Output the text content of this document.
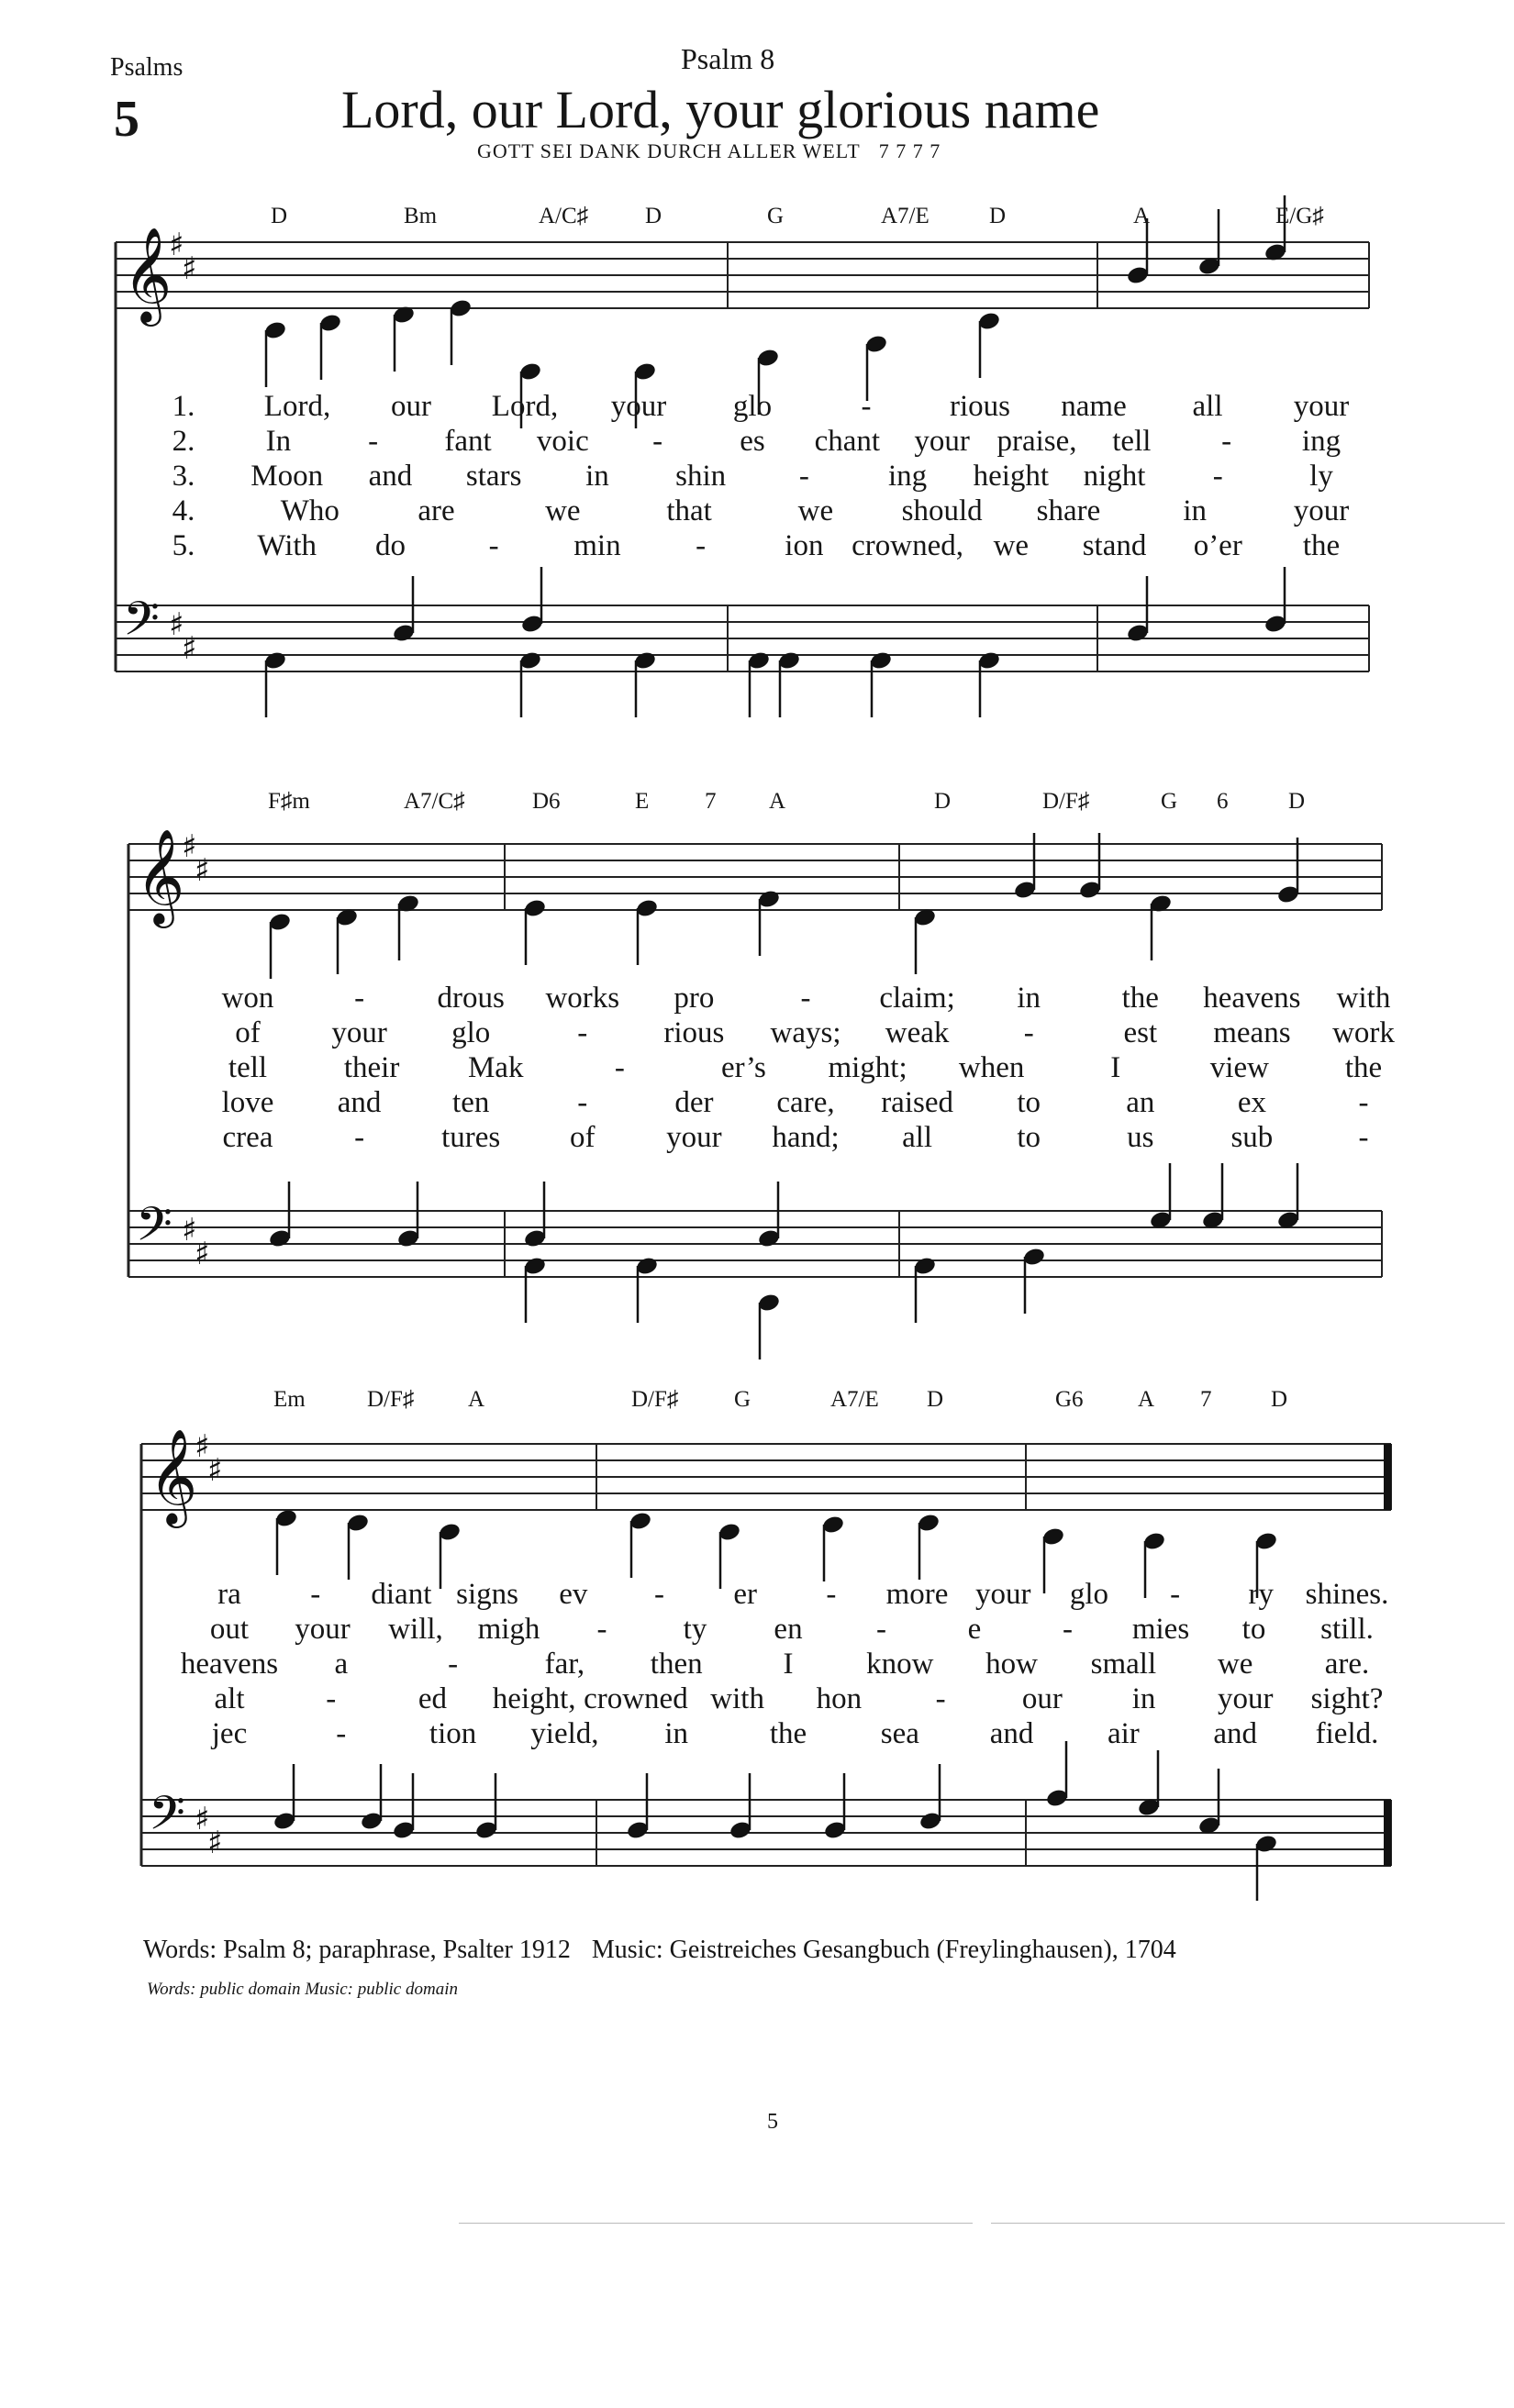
Psalms
5
Psalm 8
Lord, our Lord, your glorious name
GOTT SEI DANK DURCH ALLER WELT 7 7 7 7
𝄞
♯
♯
𝄢 ♯
♯
𝄞
♯
♯
𝄢 ♯
♯
𝄞
♯
♯
𝄢 ♯
♯
D	Bm	A/C♯ D	G	A7/E	D	A	E/G♯
1. Lord, our Lord, your glo	-	rious name all your
2. In	- fant voic -	es chant your praise, tell - ing
3. Moon and stars in shin -	ing height night -	ly
4.	Who	are	we	that	we should share	in	your
5. With do	- min -	ion crowned, we stand o’er the
F♯m	A7/C♯	D6	E 7 A	D	D/F♯	G 6	D
won	- drous works pro	- claim; in	the heavens with
of your glo	-	rious ways; weak -	est means work
tell	their Mak	-	er’s might; when	I	view	the
love and ten	-	der care, raised to	an	ex	-
crea	-	tures of your hand; all	to	us	sub	-
Em	D/F♯ A	D/F♯ G	A7/E D	G6 A 7	D
ra - diant signs ev - er - more your glo - ry shines.
out your will, migh -	ty en -	e	- mies to still.
heavens a	-	far, then	I know how small we are.
alt	-	ed height, crowned with hon -	our in your sight?
jec	-	tion yield, in	the sea and air and field.
Words: Psalm 8; paraphrase, Psalter 1912 Music: Geistreiches Gesangbuch (Freylinghausen), 1704
Words: public domain Music: public domain
5
